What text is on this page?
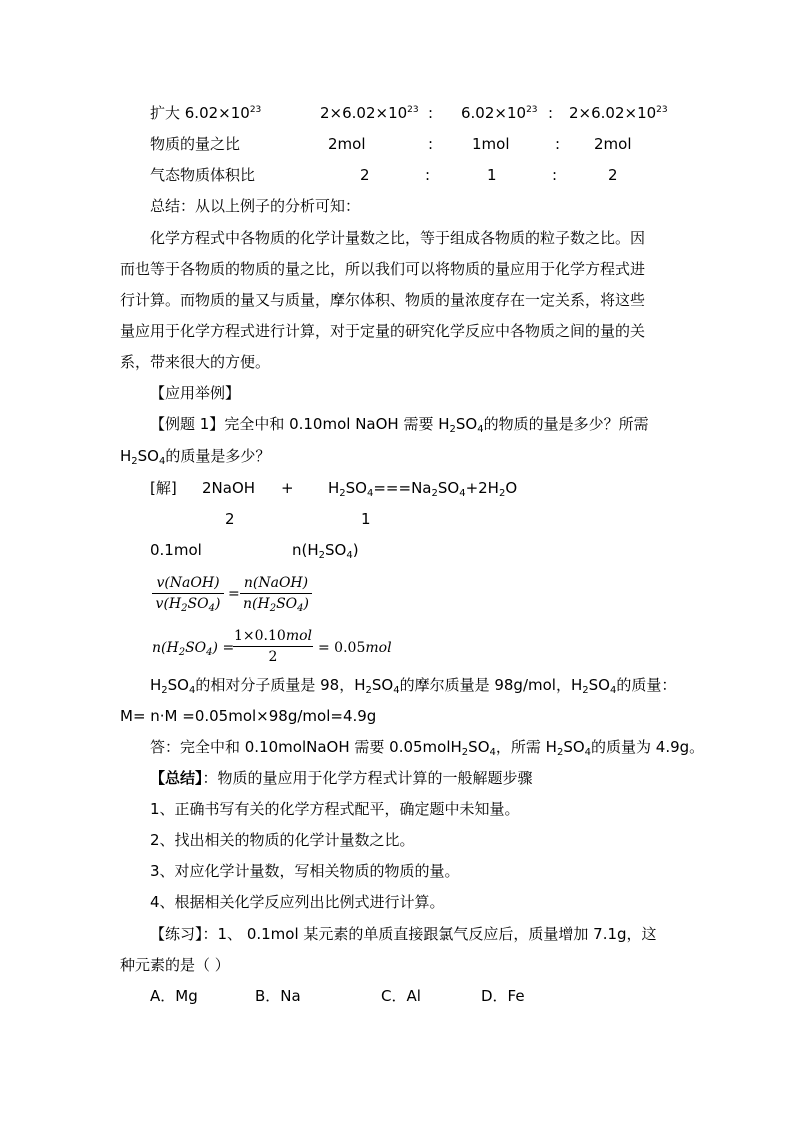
扩大 $6.02\times 10^{23}$	$2\times 6.02\times 10^{23}$ : $6.02\times 10^{23}$ : $2\times 6.02\times 10^{23}$
物质的量之比	2mol	:	1mol	: 2mol
气态物质体积比	2	:	1	:	2
总结：从以上例子的分析可知：
化学方程式中各物质的化学计量数之比，等于组成各物质的粒子数之比。因
而也等于各物质的物质的量之比，所以我们可以将物质的量应用于化学方程式进
行计算。而物质的量又与质量，摩尔体积、物质的量浓度存在一定关系，将这些
量应用于化学方程式进行计算，对于定量的研究化学反应中各物质之间的量的关
系，带来很大的方便。
【应用举例】
【例题 1】完全中和 0.10mol NaOH 需要 $H_2SO_4$的物质的量是多少？所需
$H_2SO_4$的质量是多少？
[解] 2NaOH + $H_2SO_4===Na_2SO_4+2H_2O$
2	1
0.1mol	$n(H_2SO_4)$
v(NaOH)
$v(H_2SO_4)$
=
n(NaOH)
$n(H_2SO_4)$
$n(H_2SO_4)$ =
1×0.10mol
2
= 0.05mol
$H_2SO_4$的相对分子质量是 98，$H_2SO_4$的摩尔质量是 98g/mol，$H_2SO_4$的质量：
M= n·M =0.05mol×98g/mol=4.9g
答：完全中和 0.10molNaOH 需要 $0.05molH_2SO_4$，所需 $H_2SO_4$的质量为 4.9g。
【总结】：物质的量应用于化学方程式计算的一般解题步骤
1、正确书写有关的化学方程式配平，确定题中未知量。
2、找出相关的物质的化学计量数之比。
3、对应化学计量数，写相关物质的物质的量。
4、根据相关化学反应列出比例式进行计算。
【练习】：1、 0.1mol 某元素的单质直接跟氯气反应后，质量增加 7.1g，这
种元素的是（ ）
A．Mg	B．Na	C．Al	D．Fe
